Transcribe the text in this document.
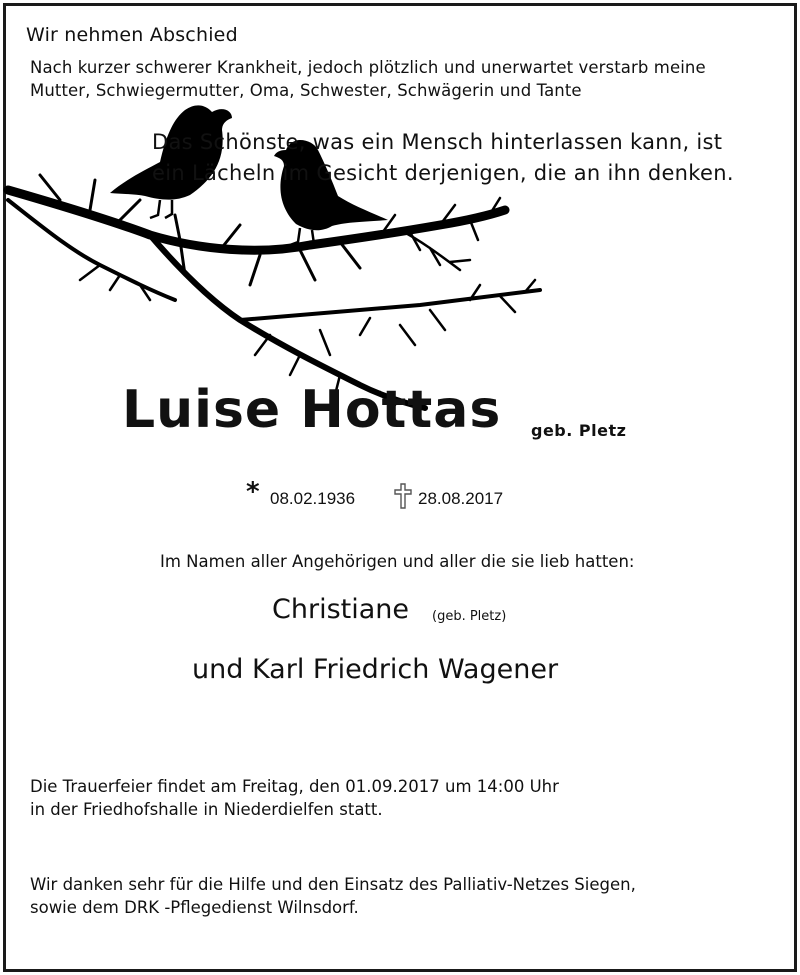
Wir nehmen Abschied
Nach kurzer schwerer Krankheit, jedoch plötzlich und unerwartet verstarb meine
Mutter, Schwiegermutter, Oma, Schwester, Schwägerin und Tante
Das Schönste, was ein Mensch hinterlassen kann, ist
ein Lächeln im Gesicht derjenigen, die an ihn denken.
Luise Hottas geb. Pletz
* 08.02.1936	28.08.2017
Im Namen aller Angehörigen und aller die sie lieb hatten:
Christiane (geb. Pletz)
und Karl Friedrich Wagener
Die Trauerfeier findet am Freitag, den 01.09.2017 um 14:00 Uhr
in der Friedhofshalle in Niederdielfen statt.
Wir danken sehr für die Hilfe und den Einsatz des Palliativ-Netzes Siegen,
sowie dem DRK -Pflegedienst Wilnsdorf.
